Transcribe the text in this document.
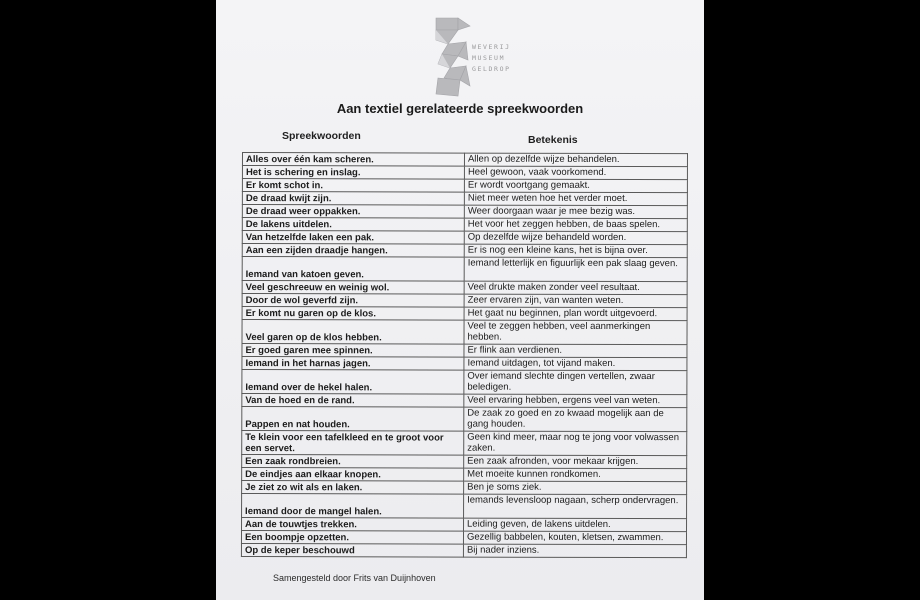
WEVERIJ
MUSEUM
GELDROP
Aan textiel gerelateerde spreekwoorden
Spreekwoorden	Betekenis
Alles over één kam scheren.	Allen op dezelfde wijze behandelen.
Het is schering en inslag.	Heel gewoon, vaak voorkomend.
Er komt schot in.	Er wordt voortgang gemaakt.
De draad kwijt zijn.	Niet meer weten hoe het verder moet.
De draad weer oppakken.	Weer doorgaan waar je mee bezig was.
De lakens uitdelen.	Het voor het zeggen hebben, de baas spelen.
Van hetzelfde laken een pak.	Op dezelfde wijze behandeld worden.
Aan een zijden draadje hangen.	Er is nog een kleine kans, het is bijna over.
Iemand van katoen geven.	Iemand letterlijk en figuurlijk een pak slaag geven.
Veel geschreeuw en weinig wol.	Veel drukte maken zonder veel resultaat.
Door de wol geverfd zijn.	Zeer ervaren zijn, van wanten weten.
Er komt nu garen op de klos.	Het gaat nu beginnen, plan wordt uitgevoerd.
Veel garen op de klos hebben.	Veel te zeggen hebben, veel aanmerkingen hebben.
Er goed garen mee spinnen.	Er flink aan verdienen.
Iemand in het harnas jagen.	Iemand uitdagen, tot vijand maken.
Iemand over de hekel halen.	Over iemand slechte dingen vertellen, zwaar beledigen.
Van de hoed en de rand.	Veel ervaring hebben, ergens veel van weten.
Pappen en nat houden.	De zaak zo goed en zo kwaad mogelijk aan de gang houden.
Te klein voor een tafelkleed en te groot voor een servet.	Geen kind meer, maar nog te jong voor volwassen zaken.
Een zaak rondbreien.	Een zaak afronden, voor mekaar krijgen.
De eindjes aan elkaar knopen.	Met moeite kunnen rondkomen.
Je ziet zo wit als en laken.	Ben je soms ziek.
Iemand door de mangel halen.	Iemands levensloop nagaan, scherp ondervragen.
Aan de touwtjes trekken.	Leiding geven, de lakens uitdelen.
Een boompje opzetten.	Gezellig babbelen, kouten, kletsen, zwammen.
Op de keper beschouwd	Bij nader inziens.
Samengesteld door Frits van Duijnhoven
